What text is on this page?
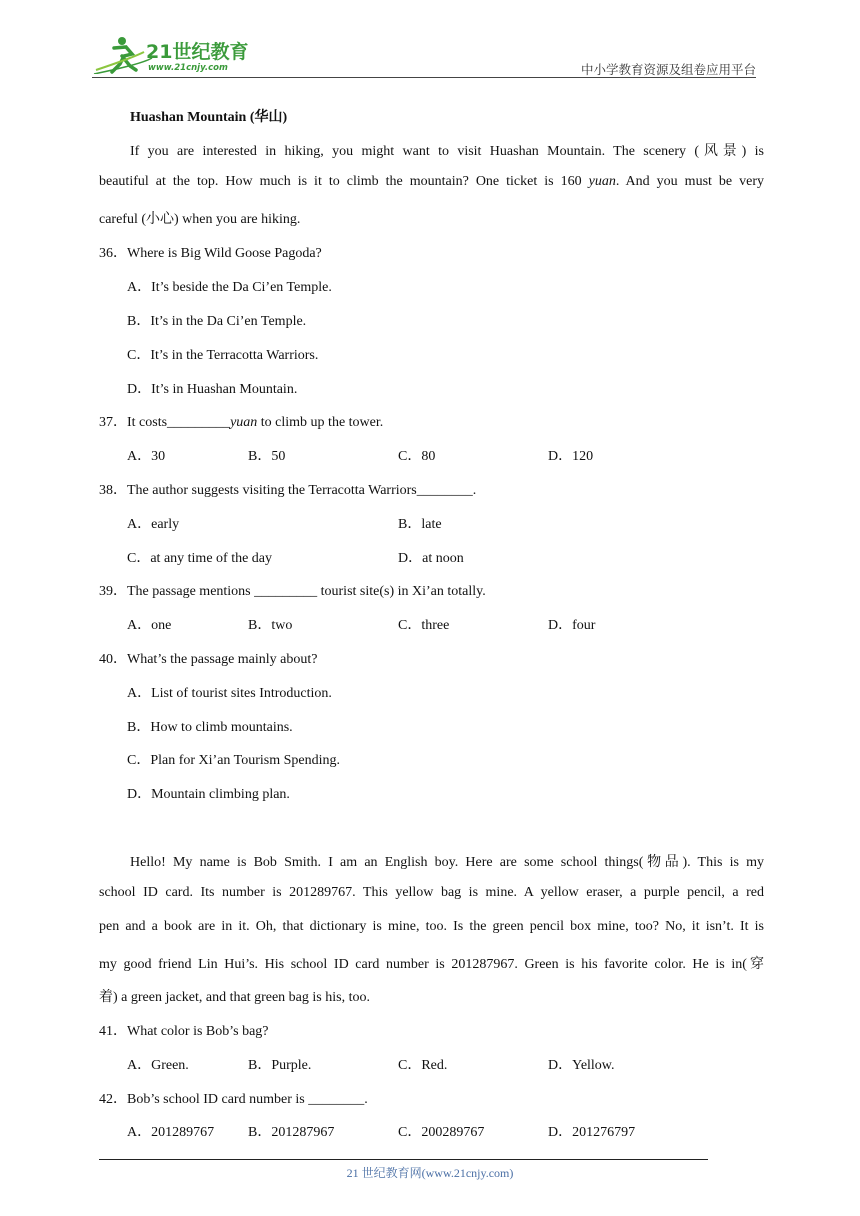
21世纪教育
www.21cnjy.com	中小学教育资源及组卷应用平台
Huashan Mountain (华山)
If you are interested in hiking, you might want to visit Huashan Mountain. The scenery (风景) is
beautiful at the top. How much is it to climb the mountain? One ticket is 160 yuan. And you must be very
careful (小心) when you are hiking.
36．Where is Big Wild Goose Pagoda?
A．It’s beside the Da Ci’en Temple.
B．It’s in the Da Ci’en Temple.
C．It’s in the Terracotta Warriors.
D．It’s in Huashan Mountain.
37．It costs_________yuan to climb up the tower.
A．30	B．50	C．80	D．120
38．The author suggests visiting the Terracotta Warriors________.
A．early	B．late
C．at any time of the day	D．at noon
39．The passage mentions _________ tourist site(s) in Xi’an totally.
A．one	B．two	C．three	D．four
40．What’s the passage mainly about?
A．List of tourist sites Introduction.
B．How to climb mountains.
C．Plan for Xi’an Tourism Spending.
D．Mountain climbing plan.
Hello! My name is Bob Smith. I am an English boy. Here are some school things(物品). This is my
school ID card. Its number is 201289767. This yellow bag is mine. A yellow eraser, a purple pencil, a red
pen and a book are in it. Oh, that dictionary is mine, too. Is the green pencil box mine, too? No, it isn’t. It is
my good friend Lin Hui’s. His school ID card number is 201287967. Green is his favorite color. He is in(穿
着) a green jacket, and that green bag is his, too.
41．What color is Bob’s bag?
A．Green.	B．Purple.	C．Red.	D．Yellow.
42．Bob’s school ID card number is ________.
A．201289767 B．201287967	C．200289767	D．201276797
21 世纪教育网(www.21cnjy.com)
